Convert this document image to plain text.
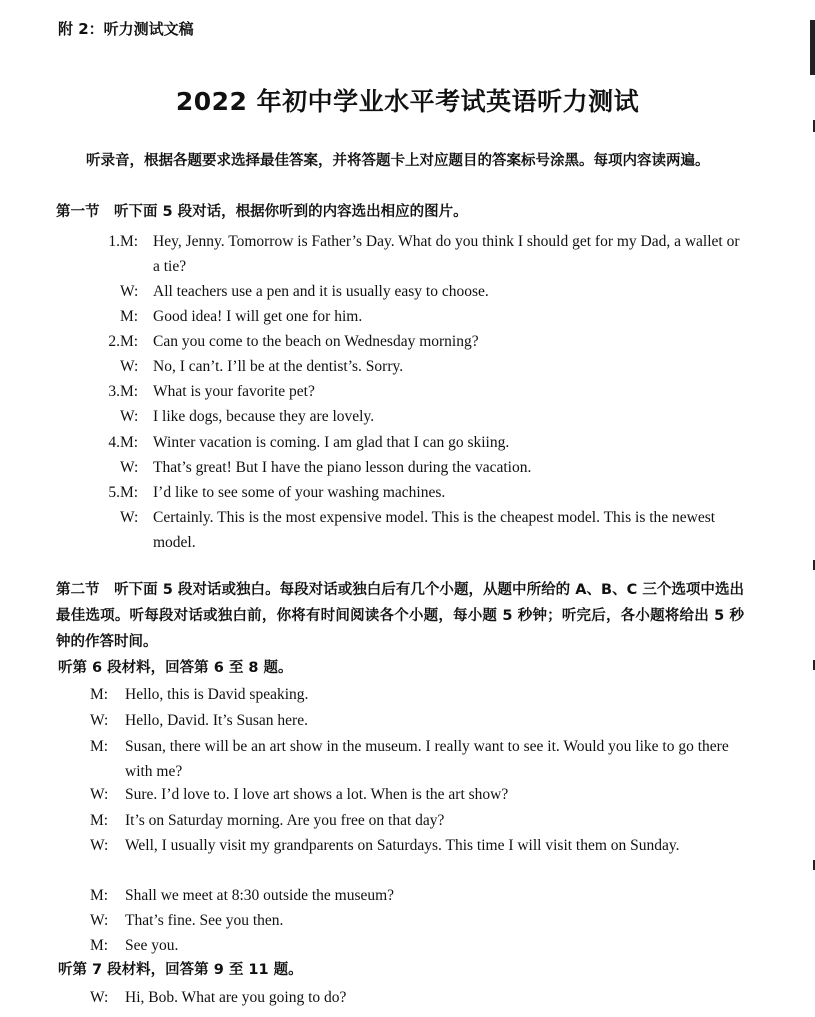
附 2：听力测试文稿
2022 年初中学业水平考试英语听力测试
听录音，根据各题要求选择最佳答案，并将答题卡上对应题目的答案标号涂黑。每项内容读两遍。
第一节　听下面 5 段对话，根据你听到的内容选出相应的图片。
1. M: Hey, Jenny. Tomorrow is Father’s Day. What do you think I should get for my Dad, a wallet or a tie?
W: All teachers use a pen and it is usually easy to choose.
M: Good idea! I will get one for him.
2. M: Can you come to the beach on Wednesday morning?
W: No, I can’t. I’ll be at the dentist’s. Sorry.
3. M: What is your favorite pet?
W: I like dogs, because they are lovely.
4. M: Winter vacation is coming. I am glad that I can go skiing.
W: That’s great! But I have the piano lesson during the vacation.
5. M: I’d like to see some of your washing machines.
W: Certainly. This is the most expensive model. This is the cheapest model. This is the newest model.
第二节　听下面 5 段对话或独白。每段对话或独白后有几个小题，从题中所给的 A、B、C 三个选项中选出最佳选项。听每段对话或独白前，你将有时间阅读各个小题，每小题 5 秒钟；听完后，各小题将给出 5 秒钟的作答时间。
听第 6 段材料，回答第 6 至 8 题。
M: Hello, this is David speaking.
W: Hello, David. It’s Susan here.
M: Susan, there will be an art show in the museum. I really want to see it. Would you like to go there with me?
W: Sure. I’d love to. I love art shows a lot. When is the art show?
M: It’s on Saturday morning. Are you free on that day?
W: Well, I usually visit my grandparents on Saturdays. This time I will visit them on Sunday.
M: Shall we meet at 8:30 outside the museum?
W: That’s fine. See you then.
M: See you.
听第 7 段材料，回答第 9 至 11 题。
W: Hi, Bob. What are you going to do?
